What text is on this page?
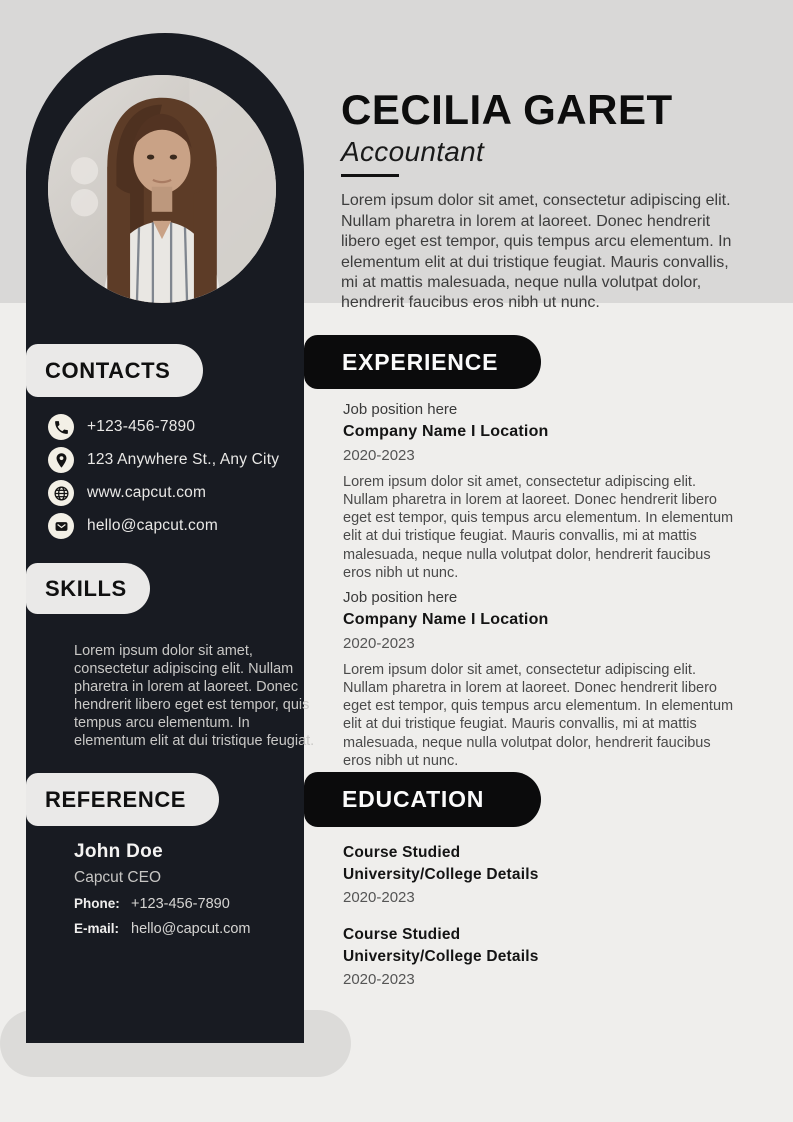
CONTACTS
+123-456-7890
123 Anywhere St., Any City
www.capcut.com
hello@capcut.com
SKILLS
Lorem ipsum dolor sit amet, consectetur adipiscing elit. Nullam pharetra in lorem at laoreet. Donec hendrerit libero eget est tempor, quis tempus arcu elementum. In elementum elit at dui tristique feugiat.
REFERENCE
John Doe
Capcut CEO
Phone: +123-456-7890
E-mail: hello@capcut.com
CECILIA GARET
Accountant
Lorem ipsum dolor sit amet, consectetur adipiscing elit. Nullam pharetra in lorem at laoreet. Donec hendrerit libero eget est tempor, quis tempus arcu elementum. In elementum elit at dui tristique feugiat. Mauris convallis, mi at mattis malesuada, neque nulla volutpat dolor, hendrerit faucibus eros nibh ut nunc.
EXPERIENCE
Job position here
Company Name I Location
2020-2023
Lorem ipsum dolor sit amet, consectetur adipiscing elit. Nullam pharetra in lorem at laoreet. Donec hendrerit libero eget est tempor, quis tempus arcu elementum. In elementum elit at dui tristique feugiat. Mauris convallis, mi at mattis malesuada, neque nulla volutpat dolor, hendrerit faucibus eros nibh ut nunc.
Job position here
Company Name I Location
2020-2023
Lorem ipsum dolor sit amet, consectetur adipiscing elit. Nullam pharetra in lorem at laoreet. Donec hendrerit libero eget est tempor, quis tempus arcu elementum. In elementum elit at dui tristique feugiat. Mauris convallis, mi at mattis malesuada, neque nulla volutpat dolor, hendrerit faucibus eros nibh ut nunc.
EDUCATION
Course Studied
University/College Details
2020-2023
Course Studied
University/College Details
2020-2023
